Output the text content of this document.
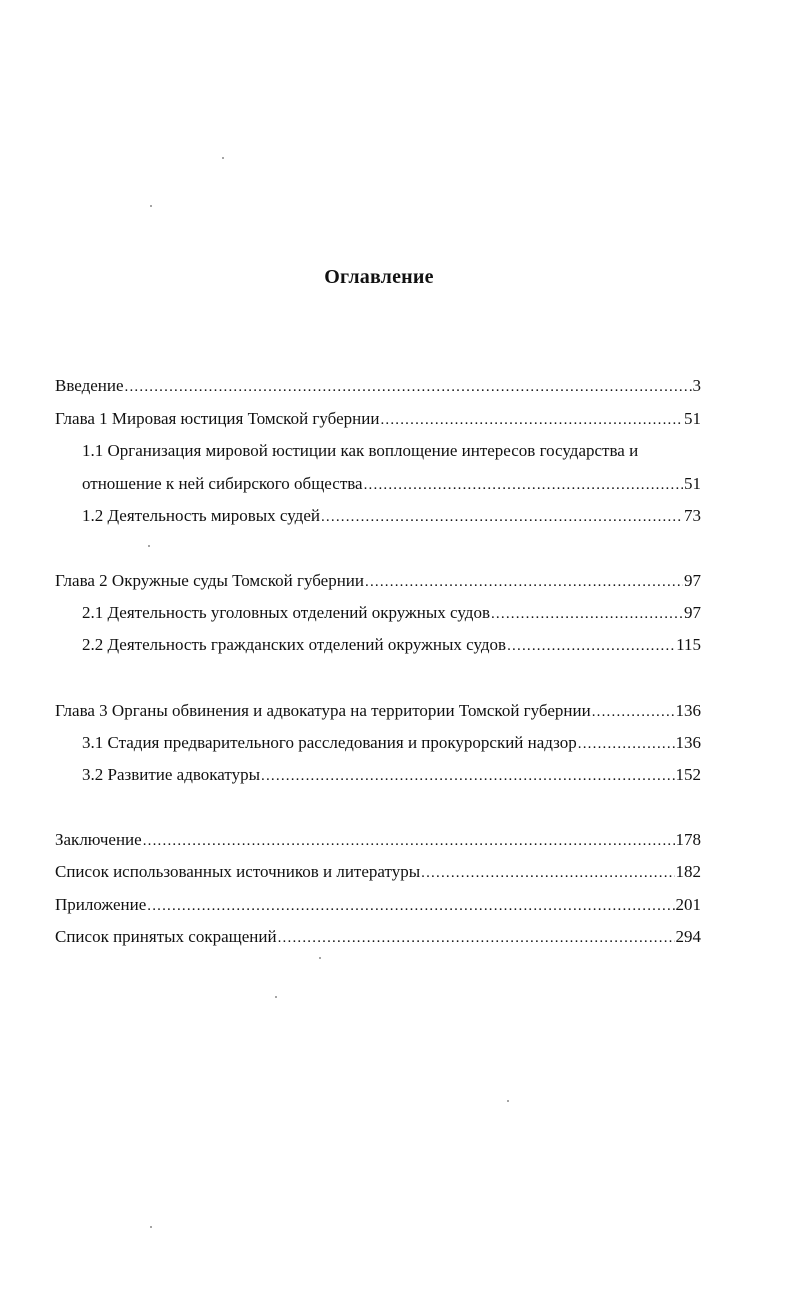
Оглавление
Введение .....	3
Глава 1 Мировая юстиция Томской губернии .....	51
1.1 Организация мировой юстиции как воплощение интересов государства и
отношение к ней сибирского общества .....	51
1.2 Деятельность мировых судей .....	73
Глава 2 Окружные суды Томской губернии .....	97
2.1 Деятельность уголовных отделений окружных судов .....	97
2.2 Деятельность гражданских отделений окружных судов .....	115
Глава 3 Органы обвинения и адвокатура на территории Томской губернии .....	136
3.1 Стадия предварительного расследования и прокурорский надзор .....	136
3.2 Развитие адвокатуры .....	152
Заключение .....	178
Список использованных источников и литературы .....	182
Приложение .....	201
Список принятых сокращений .....	294
